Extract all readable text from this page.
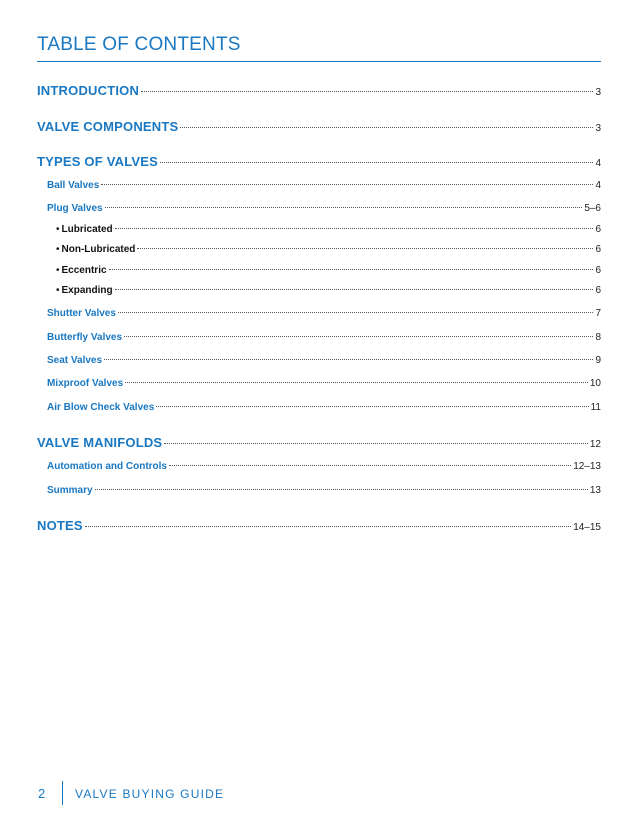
TABLE OF CONTENTS
INTRODUCTION	3
VALVE COMPONENTS	3
TYPES OF VALVES	4
Ball Valves	4
Plug Valves	5–6
• Lubricated	6
• Non-Lubricated	6
• Eccentric	6
• Expanding	6
Shutter Valves	7
Butterfly Valves	8
Seat Valves	9
Mixproof Valves	10
Air Blow Check Valves	11
VALVE MANIFOLDS	12
Automation and Controls	12–13
Summary	13
NOTES	14–15
2 VALVE BUYING GUIDE
